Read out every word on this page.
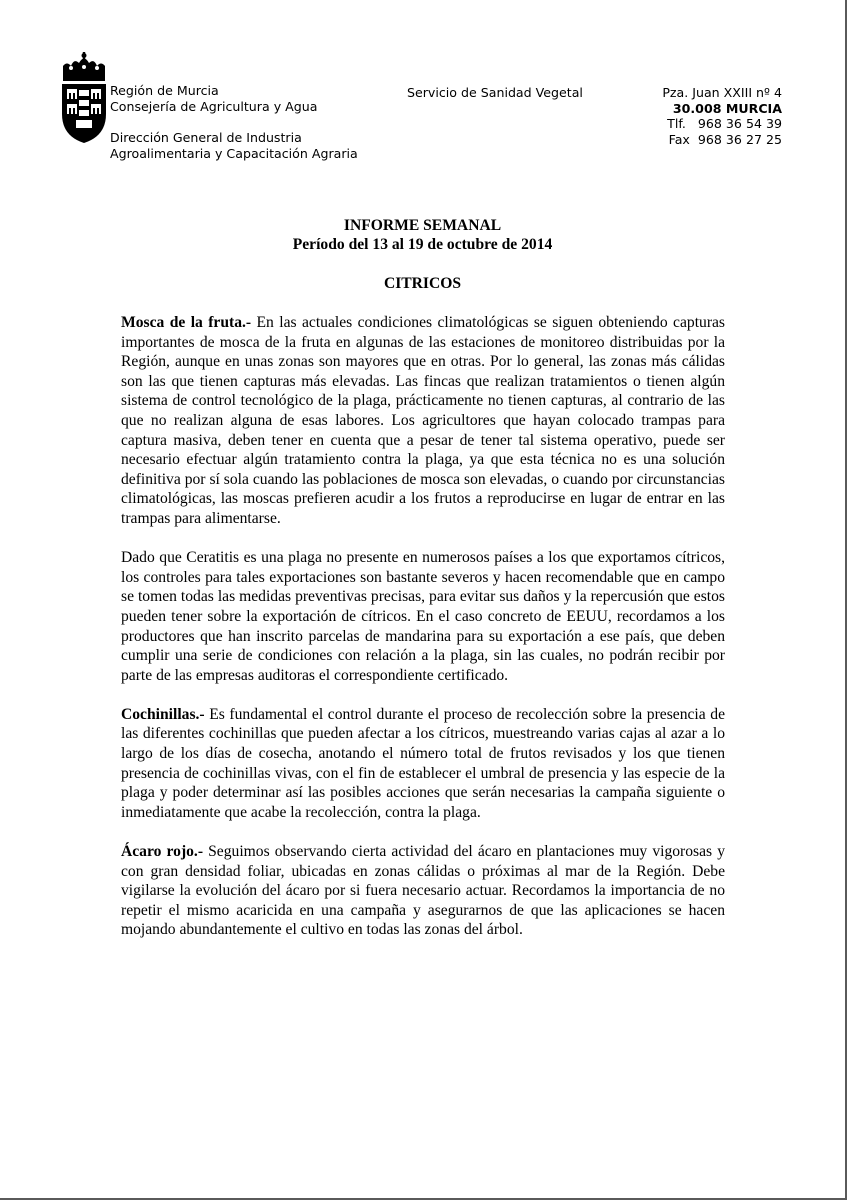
Región de Murcia
Consejería de Agricultura y Agua
Dirección General de Industria
Agroalimentaria y Capacitación Agraria
Servicio de Sanidad Vegetal	Pza. Juan XXIII nº 4
30.008 MURCIA
Tlf.   968 36 54 39
Fax  968 36 27 25
INFORME SEMANAL
Período del 13 al 19 de octubre de 2014
CITRICOS

Mosca de la fruta.- En las actuales condiciones climatológicas se siguen obteniendo capturas importantes de mosca de la fruta en algunas de las estaciones de monitoreo distribuidas por la Región, aunque en unas zonas son mayores que en otras. Por lo general, las zonas más cálidas son las que tienen capturas más elevadas. Las fincas que realizan tratamientos o tienen algún sistema de control tecnológico de la plaga, prácticamente no tienen capturas, al contrario de las que no realizan alguna de esas labores. Los agricultores que hayan colocado trampas para captura masiva, deben tener en cuenta que a pesar de tener tal sistema operativo, puede ser necesario efectuar algún tratamiento contra la plaga, ya que esta técnica no es una solución definitiva por sí sola cuando las poblaciones de mosca son elevadas, o cuando por circunstancias climatológicas, las moscas prefieren acudir a los frutos a reproducirse en lugar de entrar en las trampas para alimentarse.

Dado que Ceratitis es una plaga no presente en numerosos países a los que exportamos cítricos, los controles para tales exportaciones son bastante severos y hacen recomendable que en campo se tomen todas las medidas preventivas precisas, para evitar sus daños y la repercusión que estos pueden tener sobre la exportación de cítricos. En el caso concreto de EEUU, recordamos a los productores que han inscrito parcelas de mandarina para su exportación a ese país, que deben cumplir una serie de condiciones con relación a la plaga, sin las cuales, no podrán recibir por parte de las empresas auditoras el correspondiente certificado.

Cochinillas.- Es fundamental el control durante el proceso de recolección sobre la presencia de las diferentes cochinillas que pueden afectar a los cítricos, muestreando varias cajas al azar a lo largo de los días de cosecha, anotando el número total de frutos revisados y los que tienen presencia de cochinillas vivas, con el fin de establecer el umbral de presencia y las especie de la plaga y poder determinar así las posibles acciones que serán necesarias la campaña siguiente o inmediatamente que acabe la recolección, contra la plaga.

Ácaro rojo.- Seguimos observando cierta actividad del ácaro en plantaciones muy vigorosas y con gran densidad foliar, ubicadas en zonas cálidas o próximas al mar de la Región. Debe vigilarse la evolución del ácaro por si fuera necesario actuar. Recordamos la importancia de no repetir el mismo acaricida en una campaña y asegurarnos de que las aplicaciones se hacen mojando abundantemente el cultivo en todas las zonas del árbol.
